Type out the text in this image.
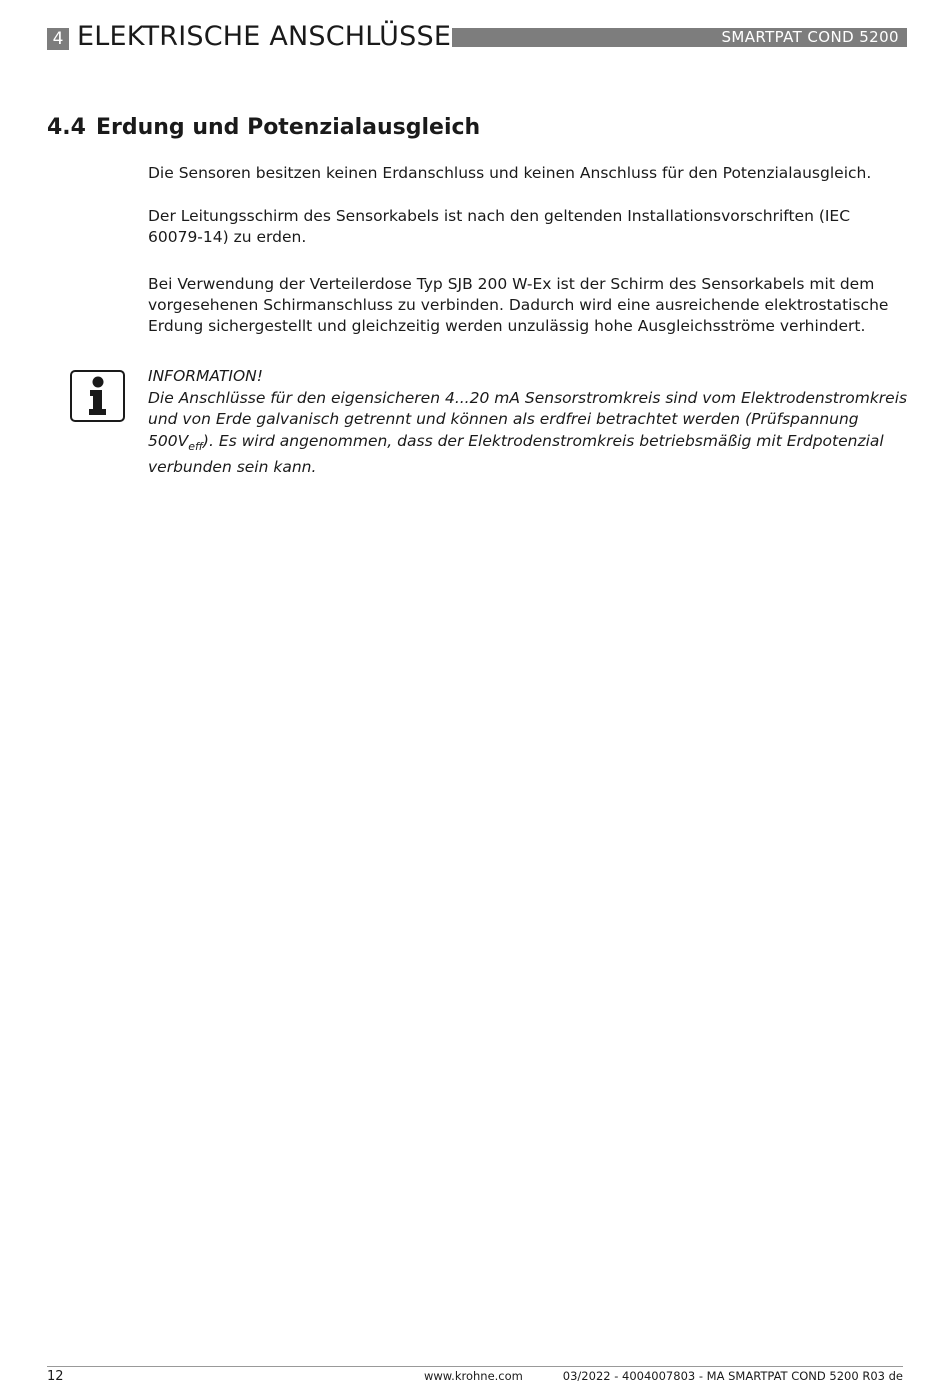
4 ELEKTRISCHE ANSCHLÜSSE	SMARTPAT COND 5200
4.4 Erdung und Potenzialausgleich
Die Sensoren besitzen keinen Erdanschluss und keinen Anschluss für den Potenzialausgleich.
Der Leitungsschirm des Sensorkabels ist nach den geltenden Installationsvorschriften (IEC 60079-14) zu erden.
Bei Verwendung der Verteilerdose Typ SJB 200 W-Ex ist der Schirm des Sensorkabels mit dem vorgesehenen Schirmanschluss zu verbinden. Dadurch wird eine ausreichende elektrostatische Erdung sichergestellt und gleichzeitig werden unzulässig hohe Ausgleichsströme verhindert.
INFORMATION!
Die Anschlüsse für den eigensicheren 4...20 mA Sensorstromkreis sind vom Elektrodenstromkreis und von Erde galvanisch getrennt und können als erdfrei betrachtet werden (Prüfspannung $500V_{eff}$). Es wird angenommen, dass der Elektrodenstromkreis betriebsmäßig mit Erdpotenzial verbunden sein kann.
12	www.krohne.com	03/2022 - 4004007803 - MA SMARTPAT COND 5200 R03 de
